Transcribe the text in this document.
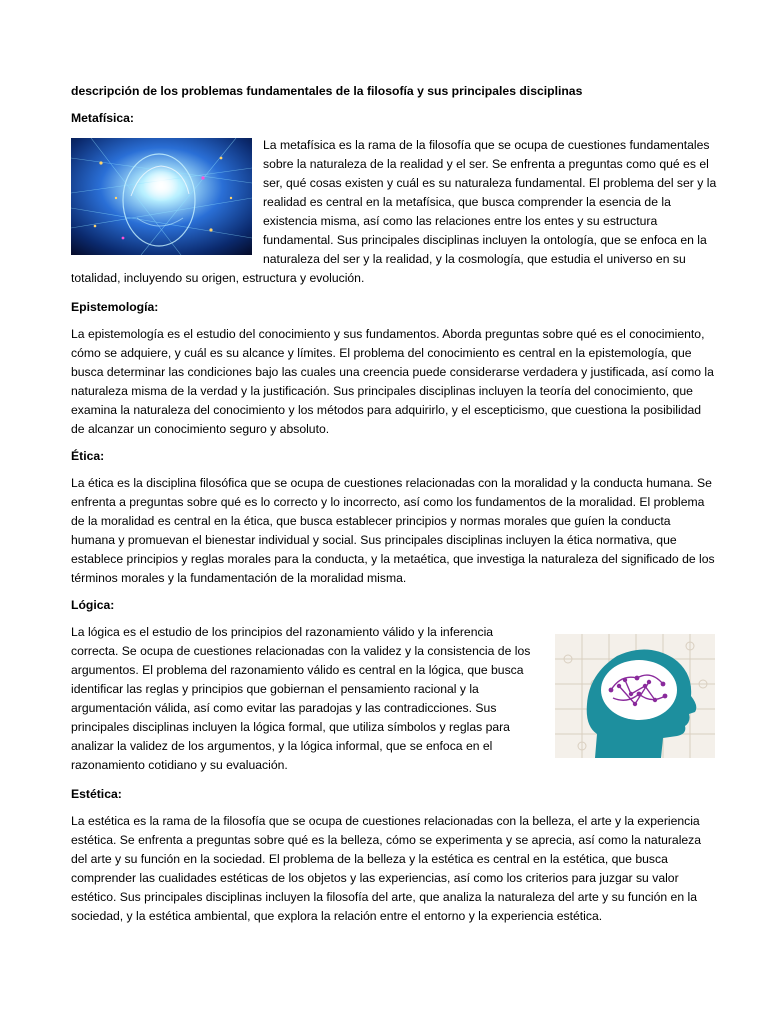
descripción de los problemas fundamentales de la filosofía y sus principales disciplinas

Metafísica:

La metafísica es la rama de la filosofía que se ocupa de cuestiones fundamentales sobre la naturaleza de la realidad y el ser. Se enfrenta a preguntas como qué es el ser, qué cosas existen y cuál es su naturaleza fundamental. El problema del ser y la realidad es central en la metafísica, que busca comprender la esencia de la existencia misma, así como las relaciones entre los entes y su estructura fundamental. Sus principales disciplinas incluyen la ontología, que se enfoca en la naturaleza del ser y la realidad, y la cosmología, que estudia el universo en su totalidad, incluyendo su origen, estructura y evolución.

Epistemología:

La epistemología es el estudio del conocimiento y sus fundamentos. Aborda preguntas sobre qué es el conocimiento, cómo se adquiere, y cuál es su alcance y límites. El problema del conocimiento es central en la epistemología, que busca determinar las condiciones bajo las cuales una creencia puede considerarse verdadera y justificada, así como la naturaleza misma de la verdad y la justificación. Sus principales disciplinas incluyen la teoría del conocimiento, que examina la naturaleza del conocimiento y los métodos para adquirirlo, y el escepticismo, que cuestiona la posibilidad de alcanzar un conocimiento seguro y absoluto.

Ética:

La ética es la disciplina filosófica que se ocupa de cuestiones relacionadas con la moralidad y la conducta humana. Se enfrenta a preguntas sobre qué es lo correcto y lo incorrecto, así como los fundamentos de la moralidad. El problema de la moralidad es central en la ética, que busca establecer principios y normas morales que guíen la conducta humana y promuevan el bienestar individual y social. Sus principales disciplinas incluyen la ética normativa, que establece principios y reglas morales para la conducta, y la metaética, que investiga la naturaleza del significado de los términos morales y la fundamentación de la moralidad misma.

Lógica:

La lógica es el estudio de los principios del razonamiento válido y la inferencia correcta. Se ocupa de cuestiones relacionadas con la validez y la consistencia de los argumentos. El problema del razonamiento válido es central en la lógica, que busca identificar las reglas y principios que gobiernan el pensamiento racional y la argumentación válida, así como evitar las paradojas y las contradicciones. Sus principales disciplinas incluyen la lógica formal, que utiliza símbolos y reglas para analizar la validez de los argumentos, y la lógica informal, que se enfoca en el razonamiento cotidiano y su evaluación.

Estética:

La estética es la rama de la filosofía que se ocupa de cuestiones relacionadas con la belleza, el arte y la experiencia estética. Se enfrenta a preguntas sobre qué es la belleza, cómo se experimenta y se aprecia, así como la naturaleza del arte y su función en la sociedad. El problema de la belleza y la estética es central en la estética, que busca comprender las cualidades estéticas de los objetos y las experiencias, así como los criterios para juzgar su valor estético. Sus principales disciplinas incluyen la filosofía del arte, que analiza la naturaleza del arte y su función en la sociedad, y la estética ambiental, que explora la relación entre el entorno y la experiencia estética.
